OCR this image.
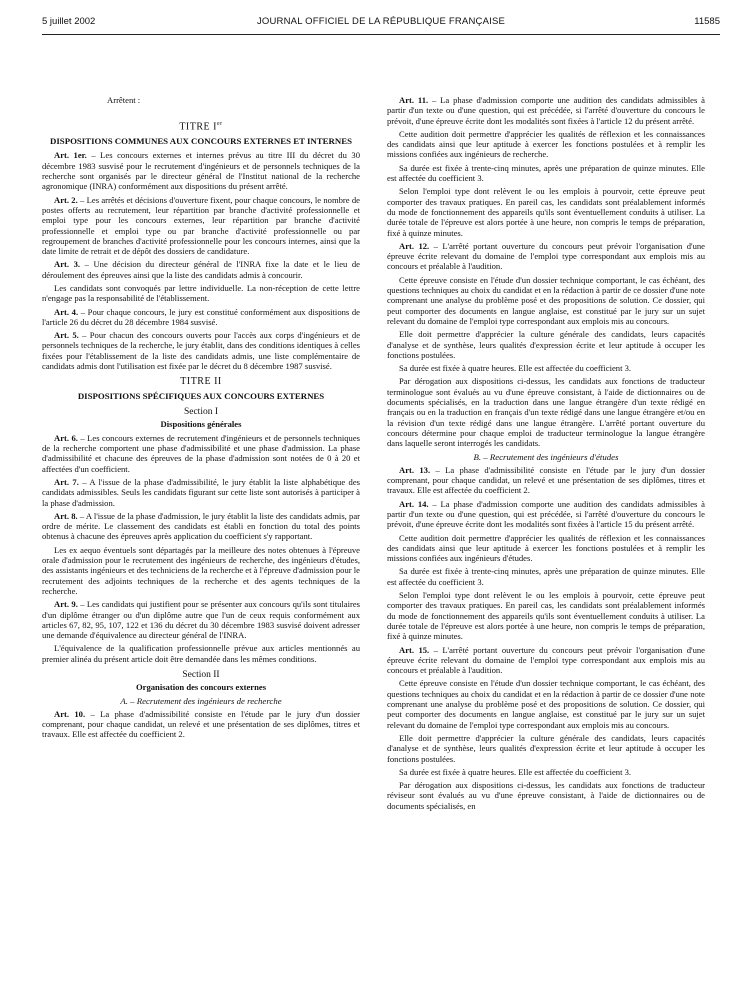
5 juillet 2002	JOURNAL OFFICIEL DE LA RÉPUBLIQUE FRANÇAISE	11585

Arrêtent :

TITRE Ier
DISPOSITIONS COMMUNES AUX CONCOURS EXTERNES ET INTERNES

Art. 1er. – Les concours externes et internes prévus au titre III du décret du 30 décembre 1983 susvisé pour le recrutement d'ingénieurs et de personnels techniques de la recherche sont organisés par le directeur général de l'Institut national de la recherche agronomique (INRA) conformément aux dispositions du présent arrêté.

Art. 2. – Les arrêtés et décisions d'ouverture fixent, pour chaque concours, le nombre de postes offerts au recrutement, leur répartition par branche d'activité professionnelle et emploi type pour les concours externes, leur répartition par branche d'activité professionnelle et emploi type ou par branche d'activité professionnelle ou par regroupement de branches d'activité professionnelle pour les concours internes, ainsi que la date limite de retrait et de dépôt des dossiers de candidature.

Art. 3. – Une décision du directeur général de l'INRA fixe la date et le lieu de déroulement des épreuves ainsi que la liste des candidats admis à concourir.

Les candidats sont convoqués par lettre individuelle. La non-réception de cette lettre n'engage pas la responsabilité de l'établissement.

Art. 4. – Pour chaque concours, le jury est constitué conformément aux dispositions de l'article 26 du décret du 28 décembre 1984 susvisé.

Art. 5. – Pour chacun des concours ouverts pour l'accès aux corps d'ingénieurs et de personnels techniques de la recherche, le jury établit, dans des conditions identiques à celles fixées pour l'établissement de la liste des candidats admis, une liste complémentaire de candidats admis dont l'utilisation est fixée par le décret du 8 décembre 1987 susvisé.

TITRE II
DISPOSITIONS SPÉCIFIQUES AUX CONCOURS EXTERNES
Section I
Dispositions générales

Art. 6. – Les concours externes de recrutement d'ingénieurs et de personnels techniques de la recherche comportent une phase d'admissibilité et une phase d'admission. La phase d'admissibilité et chacune des épreuves de la phase d'admission sont notées de 0 à 20 et affectées d'un coefficient.

Art. 7. – A l'issue de la phase d'admissibilité, le jury établit la liste alphabétique des candidats admissibles. Seuls les candidats figurant sur cette liste sont autorisés à participer à la phase d'admission.

Art. 8. – A l'issue de la phase d'admission, le jury établit la liste des candidats admis, par ordre de mérite. Le classement des candidats est établi en fonction du total des points obtenus à chacune des épreuves après application du coefficient s'y rapportant.

Les ex aequo éventuels sont départagés par la meilleure des notes obtenues à l'épreuve orale d'admission pour le recrutement des ingénieurs de recherche, des ingénieurs d'études, des assistants ingénieurs et des techniciens de la recherche et à l'épreuve d'admission pour le recrutement des adjoints techniques de la recherche et des agents techniques de la recherche.

Art. 9. – Les candidats qui justifient pour se présenter aux concours qu'ils sont titulaires d'un diplôme étranger ou d'un diplôme autre que l'un de ceux requis conformément aux articles 67, 82, 95, 107, 122 et 136 du décret du 30 décembre 1983 susvisé doivent adresser une demande d'équivalence au directeur général de l'INRA.

L'équivalence de la qualification professionnelle prévue aux articles mentionnés au premier alinéa du présent article doit être demandée dans les mêmes conditions.

Section II
Organisation des concours externes
A. – Recrutement des ingénieurs de recherche

Art. 10. – La phase d'admissibilité consiste en l'étude par le jury d'un dossier comprenant, pour chaque candidat, un relevé et une présentation de ses diplômes, titres et travaux. Elle est affectée du coefficient 2.

Art. 11. – La phase d'admission comporte une audition des candidats admissibles à partir d'un texte ou d'une question, qui est précédée, si l'arrêté d'ouverture du concours le prévoit, d'une épreuve écrite dont les modalités sont fixées à l'article 12 du présent arrêté.

Cette audition doit permettre d'apprécier les qualités de réflexion et les connaissances des candidats ainsi que leur aptitude à exercer les fonctions postulées et à remplir les missions confiées aux ingénieurs de recherche.

Sa durée est fixée à trente-cinq minutes, après une préparation de quinze minutes. Elle est affectée du coefficient 3.

Selon l'emploi type dont relèvent le ou les emplois à pourvoir, cette épreuve peut comporter des travaux pratiques. En pareil cas, les candidats sont préalablement informés du mode de fonctionnement des appareils qu'ils sont éventuellement conduits à utiliser. La durée totale de l'épreuve est alors portée à une heure, non compris le temps de préparation, fixé à quinze minutes.

Art. 12. – L'arrêté portant ouverture du concours peut prévoir l'organisation d'une épreuve écrite relevant du domaine de l'emploi type correspondant aux emplois mis au concours et préalable à l'audition.

Cette épreuve consiste en l'étude d'un dossier technique comportant, le cas échéant, des questions techniques au choix du candidat et en la rédaction à partir de ce dossier d'une note comprenant une analyse du problème posé et des propositions de solution. Ce dossier, qui peut comporter des documents en langue anglaise, est constitué par le jury sur un sujet relevant du domaine de l'emploi type correspondant aux emplois mis au concours.

Elle doit permettre d'apprécier la culture générale des candidats, leurs capacités d'analyse et de synthèse, leurs qualités d'expression écrite et leur aptitude à occuper les fonctions postulées.

Sa durée est fixée à quatre heures. Elle est affectée du coefficient 3.

Par dérogation aux dispositions ci-dessus, les candidats aux fonctions de traducteur terminologue sont évalués au vu d'une épreuve consistant, à l'aide de dictionnaires ou de documents spécialisés, en la traduction dans une langue étrangère d'un texte rédigé en français ou en la traduction en français d'un texte rédigé dans une langue étrangère et/ou en la révision d'un texte rédigé dans une langue étrangère. L'arrêté portant ouverture du concours détermine pour chaque emploi de traducteur terminologue la langue étrangère dans laquelle seront interrogés les candidats.

B. – Recrutement des ingénieurs d'études

Art. 13. – La phase d'admissibilité consiste en l'étude par le jury d'un dossier comprenant, pour chaque candidat, un relevé et une présentation de ses diplômes, titres et travaux. Elle est affectée du coefficient 2.

Art. 14. – La phase d'admission comporte une audition des candidats admissibles à partir d'un texte ou d'une question, qui est précédée, si l'arrêté d'ouverture du concours le prévoit, d'une épreuve écrite dont les modalités sont fixées à l'article 15 du présent arrêté.

Cette audition doit permettre d'apprécier les qualités de réflexion et les connaissances des candidats ainsi que leur aptitude à exercer les fonctions postulées et à remplir les missions confiées aux ingénieurs d'études.

Sa durée est fixée à trente-cinq minutes, après une préparation de quinze minutes. Elle est affectée du coefficient 3.

Selon l'emploi type dont relèvent le ou les emplois à pourvoir, cette épreuve peut comporter des travaux pratiques. En pareil cas, les candidats sont préalablement informés du mode de fonctionnement des appareils qu'ils sont éventuellement conduits à utiliser. La durée totale de l'épreuve est alors portée à une heure, non compris le temps de préparation, fixé à quinze minutes.

Art. 15. – L'arrêté portant ouverture du concours peut prévoir l'organisation d'une épreuve écrite relevant du domaine de l'emploi type correspondant aux emplois mis au concours et préalable à l'audition.

Cette épreuve consiste en l'étude d'un dossier technique comportant, le cas échéant, des questions techniques au choix du candidat et en la rédaction à partir de ce dossier d'une note comprenant une analyse du problème posé et des propositions de solution. Ce dossier, qui peut comporter des documents en langue anglaise, est constitué par le jury sur un sujet relevant du domaine de l'emploi type correspondant aux emplois mis au concours.

Elle doit permettre d'apprécier la culture générale des candidats, leurs capacités d'analyse et de synthèse, leurs qualités d'expression écrite et leur aptitude à occuper les fonctions postulées.

Sa durée est fixée à quatre heures. Elle est affectée du coefficient 3.

Par dérogation aux dispositions ci-dessus, les candidats aux fonctions de traducteur réviseur sont évalués au vu d'une épreuve consistant, à l'aide de dictionnaires ou de documents spécialisés, en
